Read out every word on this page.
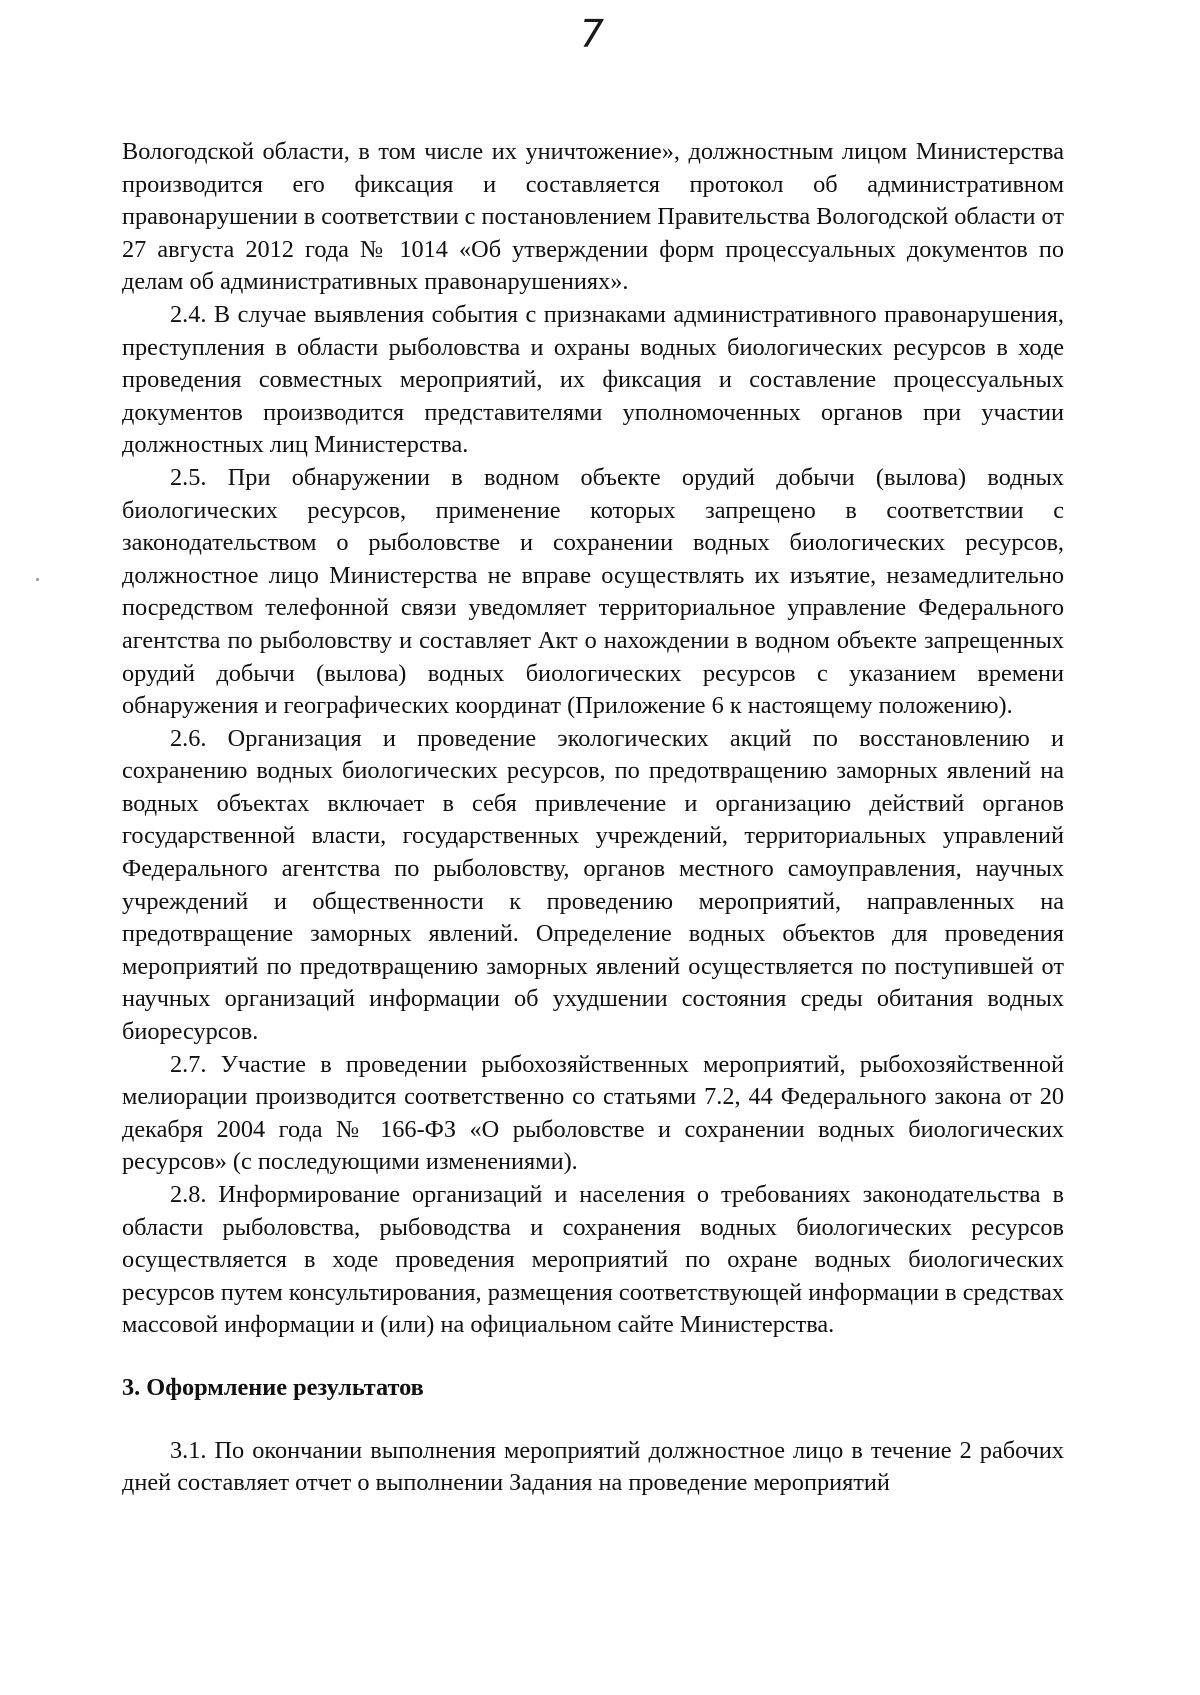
7

Вологодской области, в том числе их уничтожение», должностным лицом Министерства производится его фиксация и составляется протокол об административном правонарушении в соответствии с постановлением Правительства Вологодской области от 27 августа 2012 года № 1014 «Об утверждении форм процессуальных документов по делам об административных правонарушениях».

2.4. В случае выявления события с признаками административного правонарушения, преступления в области рыболовства и охраны водных биологических ресурсов в ходе проведения совместных мероприятий, их фиксация и составление процессуальных документов производится представителями уполномоченных органов при участии должностных лиц Министерства.

2.5. При обнаружении в водном объекте орудий добычи (вылова) водных биологических ресурсов, применение которых запрещено в соответствии с законодательством о рыболовстве и сохранении водных биологических ресурсов, должностное лицо Министерства не вправе осуществлять их изъятие, незамедлительно посредством телефонной связи уведомляет территориальное управление Федерального агентства по рыболовству и составляет Акт о нахождении в водном объекте запрещенных орудий добычи (вылова) водных биологических ресурсов с указанием времени обнаружения и географических координат (Приложение 6 к настоящему положению).

2.6. Организация и проведение экологических акций по восстановлению и сохранению водных биологических ресурсов, по предотвращению заморных явлений на водных объектах включает в себя привлечение и организацию действий органов государственной власти, государственных учреждений, территориальных управлений Федерального агентства по рыболовству, органов местного самоуправления, научных учреждений и общественности к проведению мероприятий, направленных на предотвращение заморных явлений. Определение водных объектов для проведения мероприятий по предотвращению заморных явлений осуществляется по поступившей от научных организаций информации об ухудшении состояния среды обитания водных биоресурсов.

2.7. Участие в проведении рыбохозяйственных мероприятий, рыбохозяйственной мелиорации производится соответственно со статьями 7.2, 44 Федерального закона от 20 декабря 2004 года № 166-ФЗ «О рыболовстве и сохранении водных биологических ресурсов» (с последующими изменениями).

2.8. Информирование организаций и населения о требованиях законодательства в области рыболовства, рыбоводства и сохранения водных биологических ресурсов осуществляется в ходе проведения мероприятий по охране водных биологических ресурсов путем консультирования, размещения соответствующей информации в средствах массовой информации и (или) на официальном сайте Министерства.

3. Оформление результатов

3.1. По окончании выполнения мероприятий должностное лицо в течение 2 рабочих дней составляет отчет о выполнении Задания на проведение мероприятий
